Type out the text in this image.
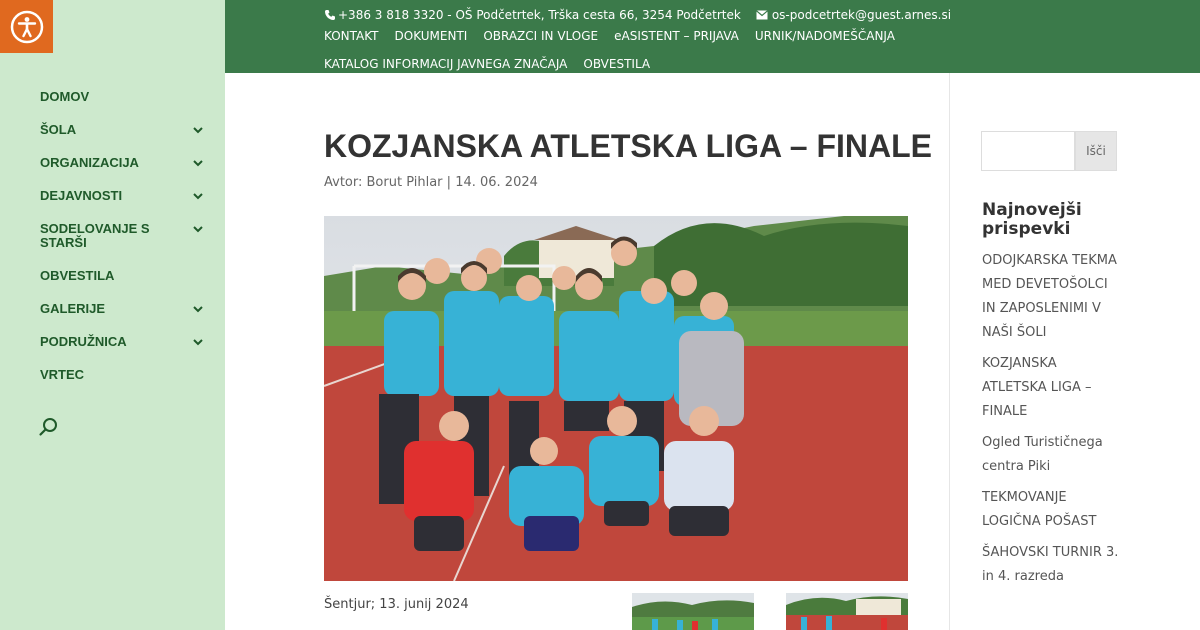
DOMOV
ŠOLA
ORGANIZACIJA
DEJAVNOSTI
SODELOVANJE S STARŠI
OBVESTILA
GALERIJE
PODRUŽNICA
VRTEC
+386 3 818 3320 - OŠ Podčetrtek, Trška cesta 66, 3254 Podčetrtek	os-podcetrtek@guest.arnes.si
KONTAKT DOKUMENTI OBRAZCI IN VLOGE eASISTENT – PRIJAVA URNIK/NADOMEŠČANJA
KATALOG INFORMACIJ JAVNEGA ZNAČAJA OBVESTILA
KOZJANSKA ATLETSKA LIGA – FINALE
Avtor: Borut Pihlar | 14. 06. 2024
Šentjur; 13. junij 2024
Išči
Najnovejši prispevki
ODOJKARSKA TEKMA MED DEVETOŠOLCI IN ZAPOSLENIMI V NAŠI ŠOLI
KOZJANSKA ATLETSKA LIGA – FINALE
Ogled Turističnega centra Piki
TEKMOVANJE LOGIČNA POŠAST
ŠAHOVSKI TURNIR 3. in 4. razreda
